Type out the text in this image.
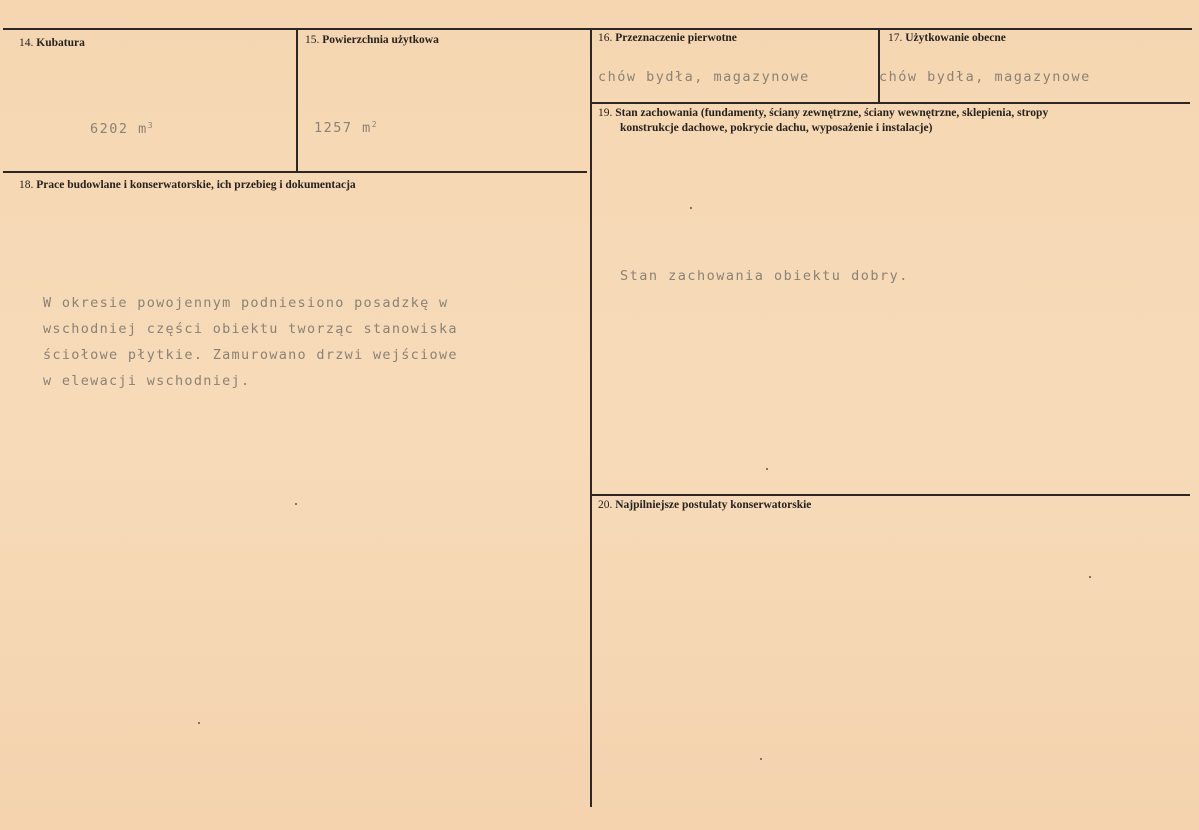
14. Kubatura
6202 $m^3$
15. Powierzchnia użytkowa
1257 $m^2$
16. Przeznaczenie pierwotne
chów bydła, magazynowe
17. Użytkowanie obecne
chów bydła, magazynowe
18. Prace budowlane i konserwatorskie, ich przebieg i dokumentacja
W okresie powojennym podniesiono posadzkę w
wschodniej części obiektu tworząc stanowiska
ściołowe płytkie. Zamurowano drzwi wejściowe
w elewacji wschodniej.
19. Stan zachowania (fundamenty, ściany zewnętrzne, ściany wewnętrzne, sklepienia, stropy
konstrukcje dachowe, pokrycie dachu, wyposażenie i instalacje)
Stan zachowania obiektu dobry.
20. Najpilniejsze postulaty konserwatorskie
